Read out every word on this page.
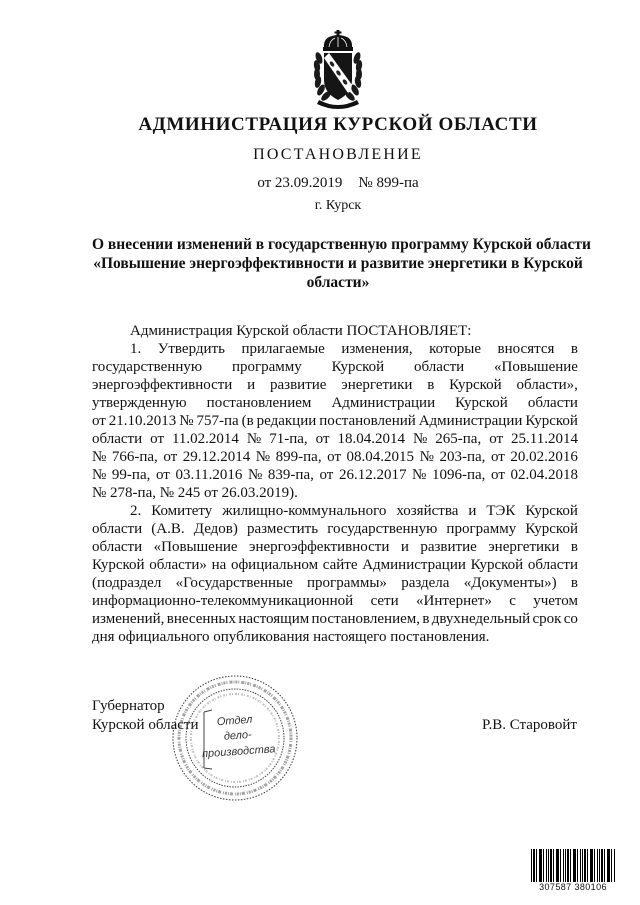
АДМИНИСТРАЦИЯ КУРСКОЙ ОБЛАСТИ
ПОСТАНОВЛЕНИЕ
от 23.09.2019 № 899-па
г. Курск
О внесении изменений в государственную программу Курской области
«Повышение энергоэффективности и развитие энергетики в Курской
области»
Администрация Курской области ПОСТАНОВЛЯЕТ:
1. Утвердить прилагаемые изменения, которые вносятся в
государственную программу Курской области «Повышение
энергоэффективности и развитие энергетики в Курской области»,
утвержденную постановлением Администрации Курской области
от 21.10.2013 № 757-па (в редакции постановлений Администрации Курской
области от 11.02.2014 № 71-па, от 18.04.2014 № 265-па, от 25.11.2014
№ 766-па, от 29.12.2014 № 899-па, от 08.04.2015 № 203-па, от 20.02.2016
№ 99-па, от 03.11.2016 № 839-па, от 26.12.2017 № 1096-па, от 02.04.2018
№ 278-па, № 245 от 26.03.2019).
2. Комитету жилищно-коммунального хозяйства и ТЭК Курской
области (А.В. Дедов) разместить государственную программу Курской
области «Повышение энергоэффективности и развитие энергетики в
Курской области» на официальном сайте Администрации Курской области
(подраздел «Государственные программы» раздела «Документы») в
информационно-телекоммуникационной сети «Интернет» с учетом
изменений, внесенных настоящим постановлением, в двухнедельный срок со
дня официального опубликования настоящего постановления.
Губернатор
Курской области	Р.В. Старовойт
Отдел
дело-
производства
307587 380106
